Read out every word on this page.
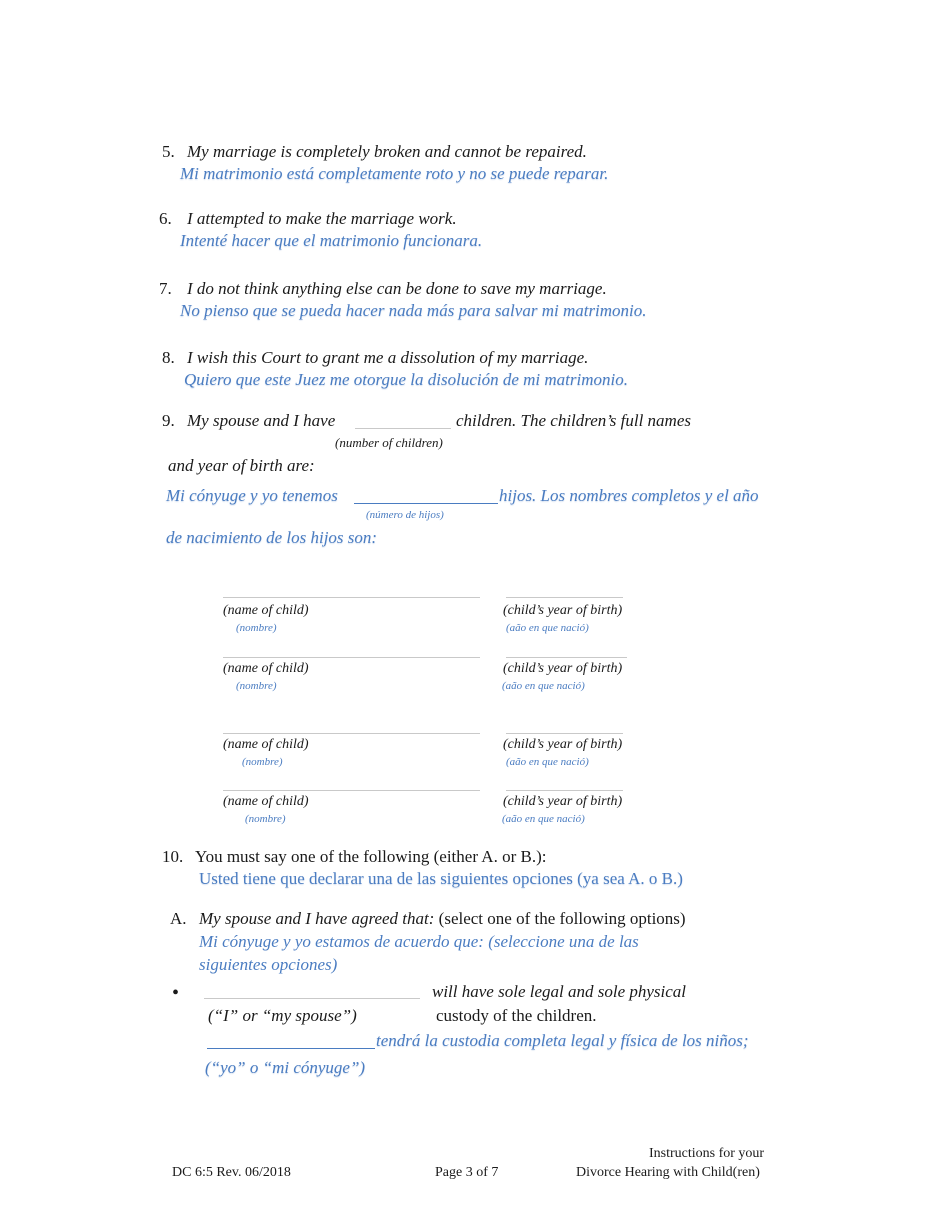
5. My marriage is completely broken and cannot be repaired.
Mi matrimonio está completamente roto y no se puede reparar.
6. I attempted to make the marriage work.
Intenté hacer que el matrimonio funcionara.
7. I do not think anything else can be done to save my marriage.
No pienso que se pueda hacer nada más para salvar mi matrimonio.
8. I wish this Court to grant me a dissolution of my marriage.
Quiero que este Juez me otorgue la disolución de mi matrimonio.
9. My spouse and I have	children. The children’s full names
(number of children)
and year of birth are:
Mi cónyuge y yo tenemos	hijos. Los nombres completos y el año
(número de hijos)
de nacimiento de los hijos son:
(name of child)
(nombre)
(child’s year of birth)
(aão en que nació)
(name of child)
(nombre)
(child’s year of birth)
(aão en que nació)
(name of child)
(nombre)
(child’s year of birth)
(aão en que nació)
(name of child)
(nombre)
(child’s year of birth)
(aão en que nació)
10. You must say one of the following (either A. or B.):
Usted tiene que declarar una de las siguientes opciones (ya sea A. o B.)
A. My spouse and I have agreed that: (select one of the following options)
Mi cónyuge y yo estamos de acuerdo que: (seleccione una de las
siguientes opciones)
•	will have sole legal and sole physical
(“I” or “my spouse”)	custody of the children.
tendrá la custodia completa legal y física de los niños;
(“yo” o “mi cónyuge”)
DC 6:5 Rev. 06/2018	Page 3 of 7
Instructions for your
Divorce Hearing with Child(ren)
